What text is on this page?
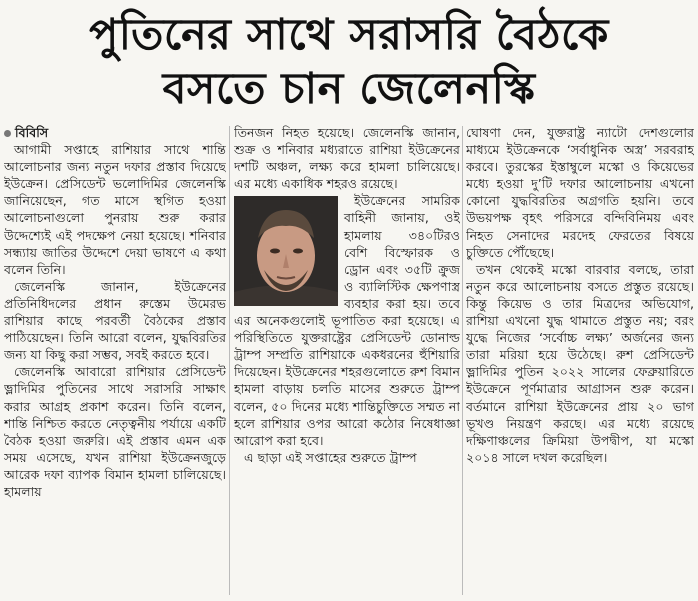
পুতিনের সাথে সরাসরি বৈঠকে
বসতে চান জেলেনস্কি
বিবিসি

আগামী সপ্তাহে রাশিয়ার সাথে শান্তি আলোচনার জন্য নতুন দফার প্রস্তাব দিয়েছে ইউক্রেন। প্রেসিডেন্ট ভলোদিমির জেলেনস্কি জানিয়েছেন, গত মাসে স্থগিত হওয়া আলোচনাগুলো পুনরায় শুরু করার উদ্দেশ্যেই এই পদক্ষেপ নেয়া হয়েছে। শনিবার সন্ধ্যায় জাতির উদ্দেশে দেয়া ভাষণে এ কথা বলেন তিনি।

জেলেনস্কি জানান, ইউক্রেনের প্রতিনিধিদলের প্রধান রুস্তেম উমেরভ রাশিয়ার কাছে পরবর্তী বৈঠকের প্রস্তাব পাঠিয়েছেন। তিনি আরো বলেন, যুদ্ধবিরতির জন্য যা কিছু করা সম্ভব, সবই করতে হবে।

জেলেনস্কি আবারো রাশিয়ার প্রেসিডেন্ট ভ্লাদিমির পুতিনের সাথে সরাসরি সাক্ষাৎ করার আগ্রহ প্রকাশ করেন। তিনি বলেন, শান্তি নিশ্চিত করতে নেতৃত্বনীয় পর্যায়ে একটি বৈঠক হওয়া জরুরি। এই প্রস্তাব এমন এক সময় এসেছে, যখন রাশিয়া ইউক্রেনজুড়ে আরেক দফা ব্যাপক বিমান হামলা চালিয়েছে। হামলায়

তিনজন নিহত হয়েছে। জেলেনস্কি জানান, শুক্র ও শনিবার মধ্যরাতে রাশিয়া ইউক্রেনের দশটি অঞ্চল, লক্ষ্য করে হামলা চালিয়েছে। এর মধ্যে একাধিক শহরও রয়েছে।

ইউক্রেনের সামরিক বাহিনী জানায়, ওই হামলায় ৩৪০টিরও বেশি বিস্ফোরক ও ড্রোন এবং ৩৫টি ক্রুজ ও ব্যালিস্টিক ক্ষেপণাস্ত্র ব্যবহার করা হয়। তবে এর অনেকগুলোই ভূপাতিত করা হয়েছে। এ পরিস্থিতিতে যুক্তরাষ্ট্রের প্রেসিডেন্ট ডোনাল্ড ট্রাম্প সম্প্রতি রাশিয়াকে একধরনের হুঁশিয়ারি দিয়েছেন। ইউক্রেনের শহরগুলোতে রুশ বিমান হামলা বাড়ায় চলতি মাসের শুরুতে ট্রাম্প বলেন, ৫০ দিনের মধ্যে শান্তিচুক্তিতে সম্মত না হলে রাশিয়ার ওপর আরো কঠোর নিষেধাজ্ঞা আরোপ করা হবে।

এ ছাড়া এই সপ্তাহের শুরুতে ট্রাম্প

ঘোষণা দেন, যুক্তরাষ্ট্র ন্যাটো দেশগুলোর মাধ্যমে ইউক্রেনকে ‘সর্বাধুনিক অস্ত্র’ সরবরাহ করবে। তুরস্কের ইস্তাম্বুলে মস্কো ও কিয়েভের মধ্যে হওয়া দু’টি দফার আলোচনায় এখনো কোনো যুদ্ধবিরতির অগ্রগতি হয়নি। তবে উভয়পক্ষ বৃহৎ পরিসরে বন্দিবিনিময় এবং নিহত সেনাদের মরদেহ ফেরতের বিষয়ে চুক্তিতে পৌঁছেছে।

তখন থেকেই মস্কো বারবার বলছে, তারা নতুন করে আলোচনায় বসতে প্রস্তুত রয়েছে। কিন্তু কিয়েভ ও তার মিত্রদের অভিযোগ, রাশিয়া এখনো যুদ্ধ থামাতে প্রস্তুত নয়; বরং যুদ্ধে নিজের ‘সর্বোচ্চ লক্ষ্য’ অর্জনের জন্য তারা মরিয়া হয়ে উঠেছে। রুশ প্রেসিডেন্ট ভ্লাদিমির পুতিন ২০২২ সালের ফেব্রুয়ারিতে ইউক্রেনে পূর্ণমাত্রার আগ্রাসন শুরু করেন। বর্তমানে রাশিয়া ইউক্রেনের প্রায় ২০ ভাগ ভূখণ্ড নিয়ন্ত্রণ করছে। এর মধ্যে রয়েছে দক্ষিণাঞ্চলের ক্রিমিয়া উপদ্বীপ, যা মস্কো ২০১৪ সালে দখল করেছিল।
